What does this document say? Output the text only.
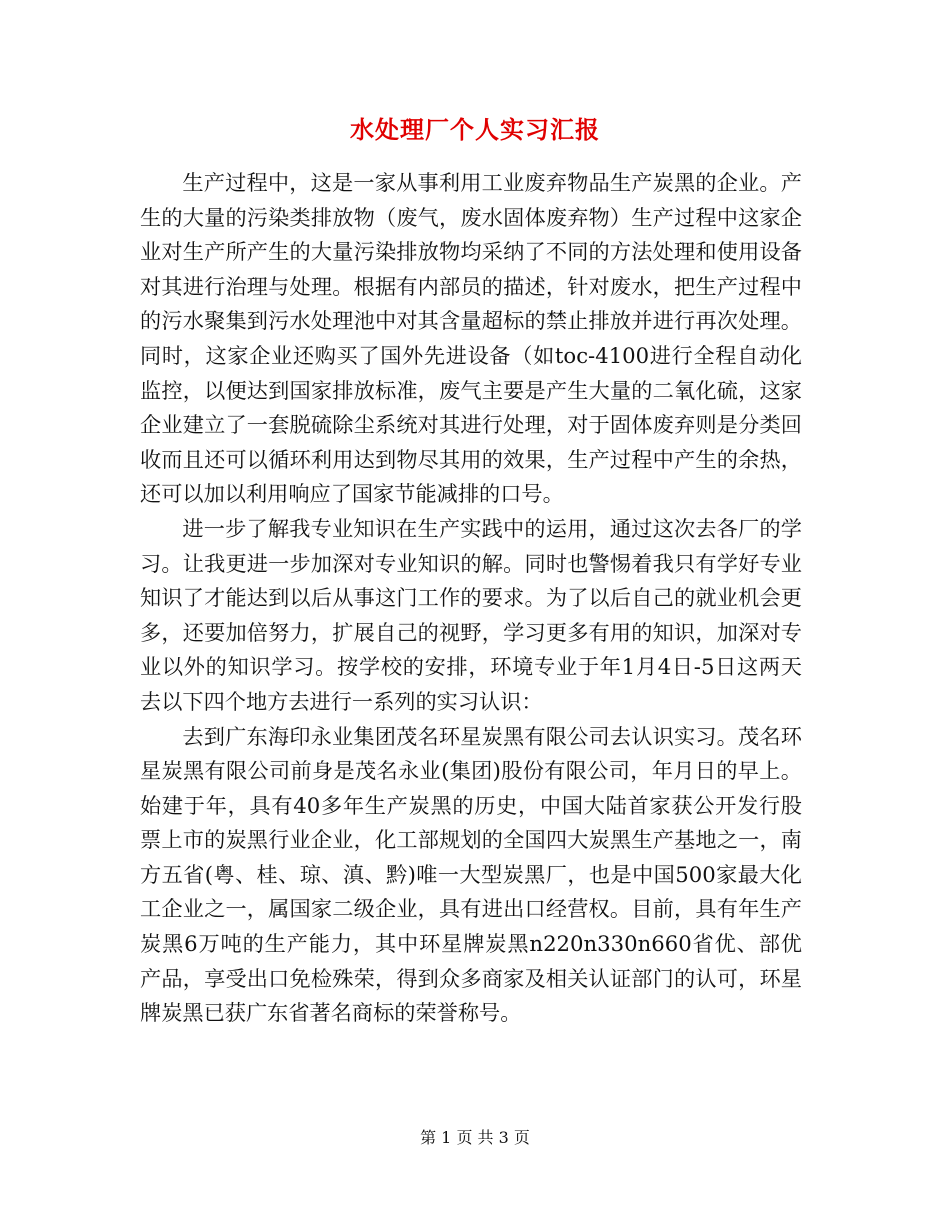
水处理厂个人实习汇报

生产过程中，这是一家从事利用工业废弃物品生产炭黑的企业。产生的大量的污染类排放物（废气，废水固体废弃物）生产过程中这家企业对生产所产生的大量污染排放物均采纳了不同的方法处理和使用设备对其进行治理与处理。根据有内部员的描述，针对废水，把生产过程中的污水聚集到污水处理池中对其含量超标的禁止排放并进行再次处理。同时，这家企业还购买了国外先进设备（如toc-4100进行全程自动化监控，以便达到国家排放标准，废气主要是产生大量的二氧化硫，这家企业建立了一套脱硫除尘系统对其进行处理，对于固体废弃则是分类回收而且还可以循环利用达到物尽其用的效果，生产过程中产生的余热，还可以加以利用响应了国家节能减排的口号。

进一步了解我专业知识在生产实践中的运用，通过这次去各厂的学习。让我更进一步加深对专业知识的解。同时也警惕着我只有学好专业知识了才能达到以后从事这门工作的要求。为了以后自己的就业机会更多，还要加倍努力，扩展自己的视野，学习更多有用的知识，加深对专业以外的知识学习。按学校的安排，环境专业于年1月4日-5日这两天去以下四个地方去进行一系列的实习认识：

去到广东海印永业集团茂名环星炭黑有限公司去认识实习。茂名环星炭黑有限公司前身是茂名永业(集团)股份有限公司，年月日的早上。始建于年，具有40多年生产炭黑的历史，中国大陆首家获公开发行股票上市的炭黑行业企业，化工部规划的全国四大炭黑生产基地之一，南方五省(粤、桂、琼、滇、黔)唯一大型炭黑厂，也是中国500家最大化工企业之一，属国家二级企业，具有进出口经营权。目前，具有年生产炭黑6万吨的生产能力，其中环星牌炭黑n220n330n660省优、部优产品，享受出口免检殊荣，得到众多商家及相关认证部门的认可，环星牌炭黑已获广东省著名商标的荣誉称号。

第 1 页 共 3 页
